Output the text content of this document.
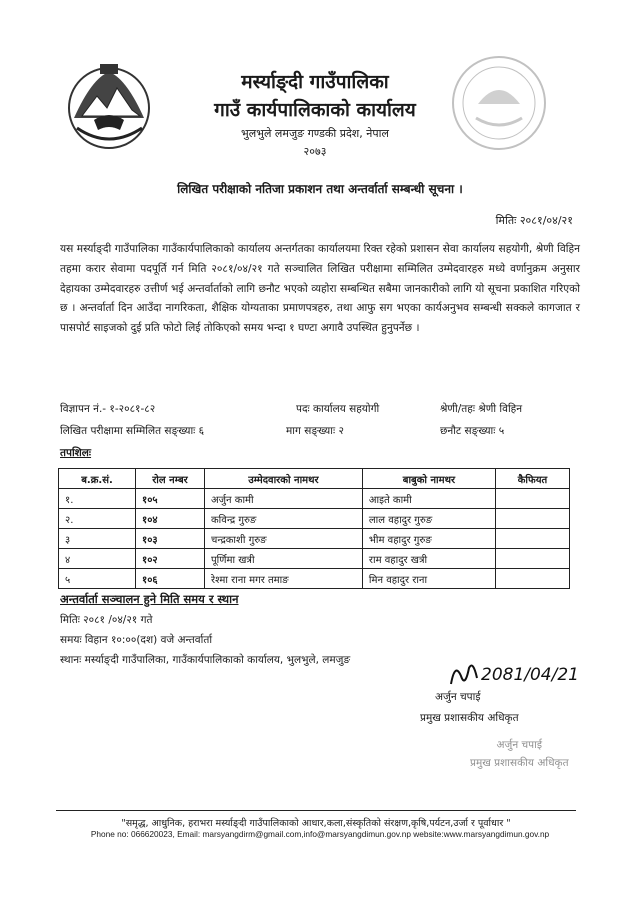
मर्स्याङ्दी गाउँपालिका
गाउँ कार्यपालिकाको कार्यालय
भुलभुले लमजुङ गण्डकी प्रदेश, नेपाल
२०७३
लिखित परीक्षाको नतिजा प्रकाशन तथा अन्तर्वार्ता सम्बन्धी सूचना ।
मितिः २०८१/०४/२१
यस मर्स्याङ्दी गाउँपालिका गाउँकार्यपालिकाको कार्यालय अन्तर्गतका कार्यालयमा रिक्त रहेको प्रशासन सेवा कार्यालय सहयोगी, श्रेणी विहिन तहमा करार सेवामा पदपूर्ति गर्न मिति २०८१/०४/२१ गते सञ्चालित लिखित परीक्षामा सम्मिलित उम्मेदवारहरु मध्ये वर्णानुक्रम अनुसार देहायका उम्मेदवारहरु उत्तीर्ण भई अन्तर्वार्ताको लागि छनौट भएको व्यहोरा सम्बन्धित सबैमा जानकारीको लागि यो सूचना प्रकाशित गरिएको छ । अन्तर्वार्ता दिन आउँदा नागरिकता, शैक्षिक योग्यताका प्रमाणपत्रहरु, तथा आफु सग भएका कार्यअनुभव सम्बन्धी सक्कले कागजात र पासपोर्ट साइजको दुई प्रति फोटो लिई तोकिएको समय भन्दा १ घण्टा अगावै उपस्थित हुनुपर्नेछ ।
विज्ञापन नं.- १-२०८१-८२	पदः कार्यालय सहयोगी	श्रेणी/तहः श्रेणी विहिन
लिखित परीक्षामा सम्मिलित सङ्ख्याः ६	माग सङ्ख्याः २	छनौट सङ्ख्याः ५
तपशिलः
ब.क्र.सं.	रोल नम्बर	उम्मेदवारको नामथर	बाबुको नामथर	कैफियत
१.	१०५	अर्जुन कामी	आइते कामी	
२.	१०४	कविन्द्र गुरुङ	लाल वहादुर गुरुङ	
३	१०३	चन्द्रकाशी गुरुङ	भीम वहादुर गुरुङ	
४	१०२	पूर्णिमा खत्री	राम वहादुर खत्री	
५	१०६	रेश्मा राना मगर तमाङ	मिन वहादुर राना	
अन्तर्वार्ता सञ्चालन हुने मिति समय र स्थान
मितिः २०८१ /०४/२१ गते
समयः विहान १०:००(दश) वजे अन्तर्वार्ता
स्थानः मर्स्याङ्दी गाउँपालिका, गाउँकार्यपालिकाको कार्यालय, भुलभुले, लमजुङ
2081/04/21
अर्जुन चपाई
प्रमुख प्रशासकीय अधिकृत
अर्जुन चपाई
प्रमुख प्रशासकीय अधिकृत
"समृद्ध, आधुनिक, हराभरा मर्स्याङ्दी गाउँपालिकाको आधार,कला,संस्कृतिको संरक्षण,कृषि,पर्यटन,उर्जा र पूर्वाधार "
Phone no: 066620023, Email: marsyangdirm@gmail.com,info@marsyangdimun.gov.np website:www.marsyangdimun.gov.np
